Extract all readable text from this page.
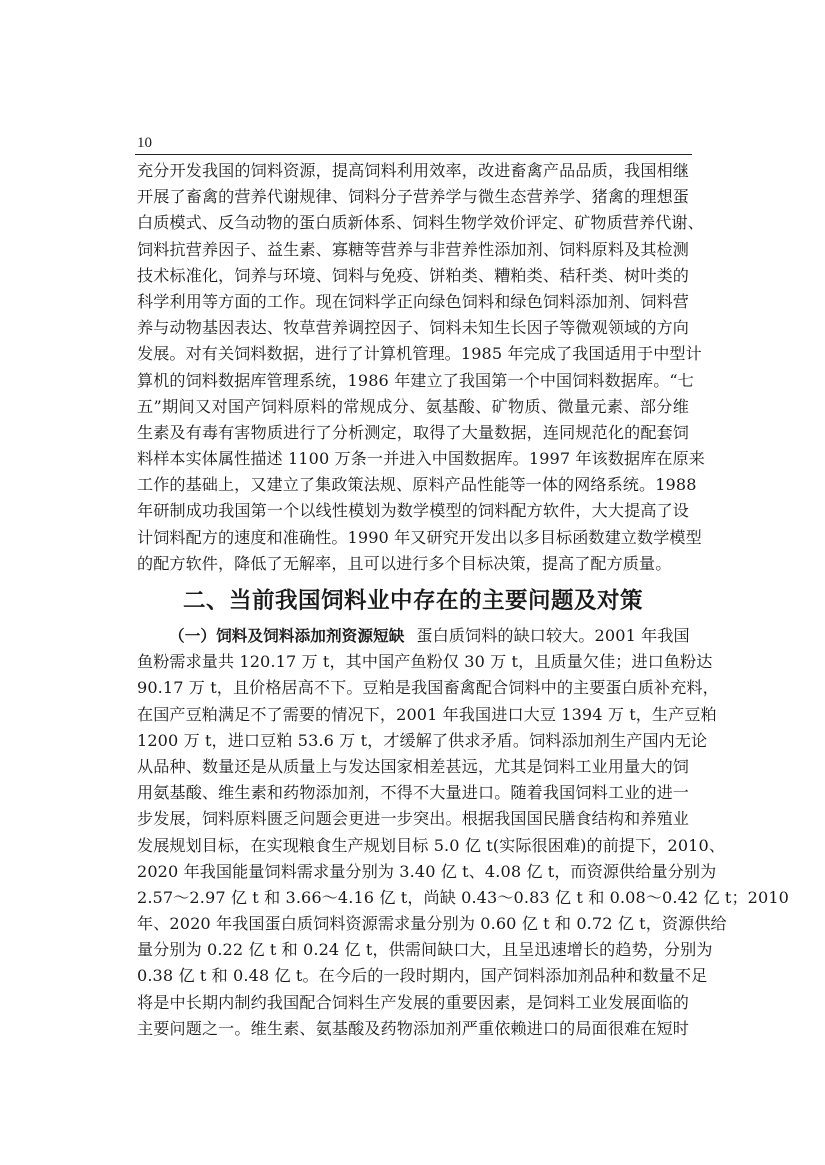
10
充分开发我国的饲料资源，提高饲料利用效率，改进畜禽产品品质，我国相继
开展了畜禽的营养代谢规律、饲料分子营养学与微生态营养学、猪禽的理想蛋
白质模式、反刍动物的蛋白质新体系、饲料生物学效价评定、矿物质营养代谢、
饲料抗营养因子、益生素、寡糖等营养与非营养性添加剂、饲料原料及其检测
技术标准化，饲养与环境、饲料与免疫、饼粕类、糟粕类、秸秆类、树叶类的
科学利用等方面的工作。现在饲料学正向绿色饲料和绿色饲料添加剂、饲料营
养与动物基因表达、牧草营养调控因子、饲料未知生长因子等微观领域的方向
发展。对有关饲料数据，进行了计算机管理。1985 年完成了我国适用于中型计
算机的饲料数据库管理系统，1986 年建立了我国第一个中国饲料数据库。“七
五”期间又对国产饲料原料的常规成分、氨基酸、矿物质、微量元素、部分维
生素及有毒有害物质进行了分析测定，取得了大量数据，连同规范化的配套饲
料样本实体属性描述 1100 万条一并进入中国数据库。1997 年该数据库在原来
工作的基础上，又建立了集政策法规、原料产品性能等一体的网络系统。1988
年研制成功我国第一个以线性模划为数学模型的饲料配方软件，大大提高了设
计饲料配方的速度和准确性。1990 年又研究开发出以多目标函数建立数学模型
的配方软件，降低了无解率，且可以进行多个目标决策，提高了配方质量。
二、当前我国饲料业中存在的主要问题及对策
（一）饲料及饲料添加剂资源短缺 蛋白质饲料的缺口较大。2001 年我国
鱼粉需求量共 120.17 万 t，其中国产鱼粉仅 30 万 t，且质量欠佳；进口鱼粉达
90.17 万 t，且价格居高不下。豆粕是我国畜禽配合饲料中的主要蛋白质补充料，
在国产豆粕满足不了需要的情况下，2001 年我国进口大豆 1394 万 t，生产豆粕
1200 万 t，进口豆粕 53.6 万 t，才缓解了供求矛盾。饲料添加剂生产国内无论
从品种、数量还是从质量上与发达国家相差甚远，尤其是饲料工业用量大的饲
用氨基酸、维生素和药物添加剂，不得不大量进口。随着我国饲料工业的进一
步发展，饲料原料匮乏问题会更进一步突出。根据我国国民膳食结构和养殖业
发展规划目标，在实现粮食生产规划目标 5.0 亿 t(实际很困难)的前提下，2010、
2020 年我国能量饲料需求量分别为 3.40 亿 t、4.08 亿 t，而资源供给量分别为
2.57～2.97 亿 t 和 3.66～4.16 亿 t，尚缺 0.43～0.83 亿 t 和 0.08～0.42 亿 t；2010
年、2020 年我国蛋白质饲料资源需求量分别为 0.60 亿 t 和 0.72 亿 t，资源供给
量分别为 0.22 亿 t 和 0.24 亿 t，供需间缺口大，且呈迅速增长的趋势，分别为
0.38 亿 t 和 0.48 亿 t。在今后的一段时期内，国产饲料添加剂品种和数量不足
将是中长期内制约我国配合饲料生产发展的重要因素，是饲料工业发展面临的
主要问题之一。维生素、氨基酸及药物添加剂严重依赖进口的局面很难在短时
